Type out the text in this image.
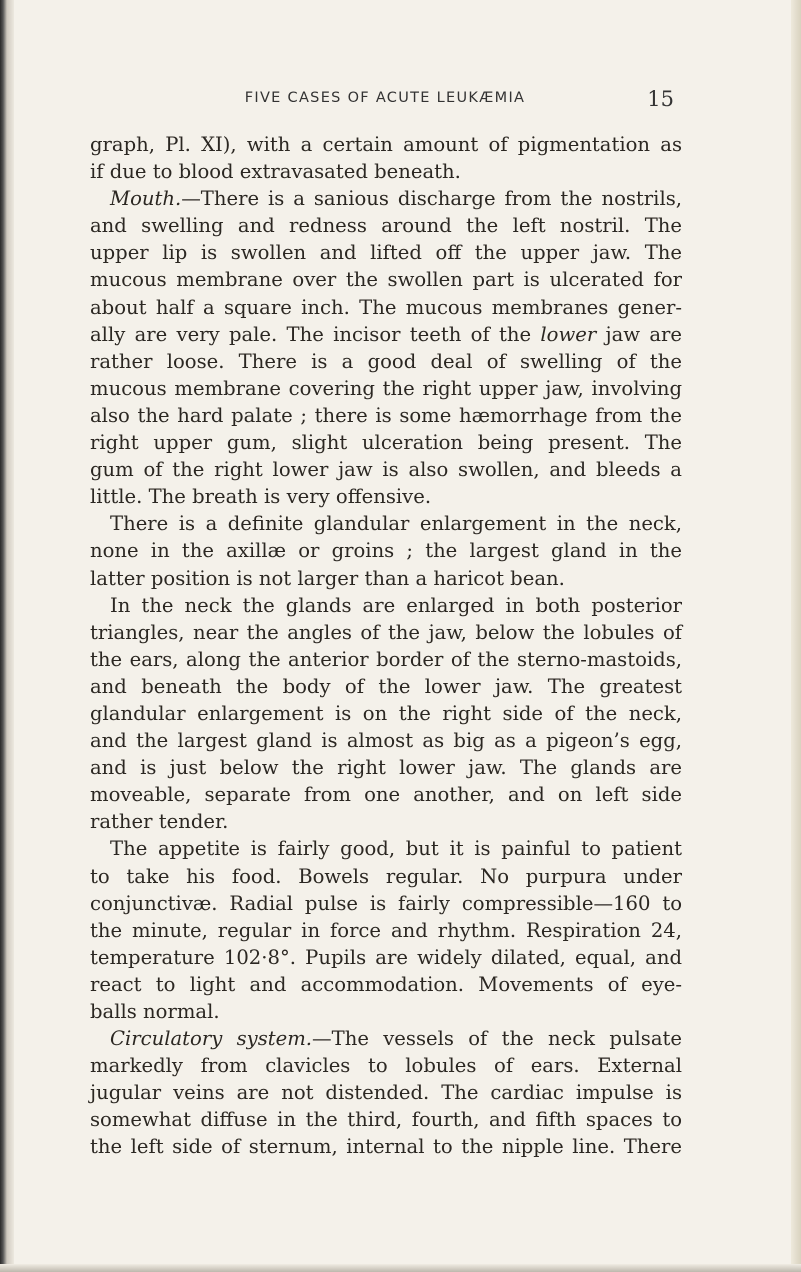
FIVE CASES OF ACUTE LEUKÆMIA	15
graph, Pl. XI), with a certain amount of pigmentation as
if due to blood extravasated beneath.
Mouth.—There is a sanious discharge from the nostrils,
and swelling and redness around the left nostril. The
upper lip is swollen and lifted off the upper jaw. The
mucous membrane over the swollen part is ulcerated for
about half a square inch. The mucous membranes gener-
ally are very pale. The incisor teeth of the lower jaw are
rather loose. There is a good deal of swelling of the
mucous membrane covering the right upper jaw, involving
also the hard palate ; there is some hæmorrhage from the
right upper gum, slight ulceration being present. The
gum of the right lower jaw is also swollen, and bleeds a
little. The breath is very offensive.
There is a definite glandular enlargement in the neck,
none in the axillæ or groins ; the largest gland in the
latter position is not larger than a haricot bean.
In the neck the glands are enlarged in both posterior
triangles, near the angles of the jaw, below the lobules of
the ears, along the anterior border of the sterno-mastoids,
and beneath the body of the lower jaw. The greatest
glandular enlargement is on the right side of the neck,
and the largest gland is almost as big as a pigeon’s egg,
and is just below the right lower jaw. The glands are
moveable, separate from one another, and on left side
rather tender.
The appetite is fairly good, but it is painful to patient
to take his food. Bowels regular. No purpura under
conjunctivæ. Radial pulse is fairly compressible—160 to
the minute, regular in force and rhythm. Respiration 24,
temperature 102·8°. Pupils are widely dilated, equal, and
react to light and accommodation. Movements of eye-
balls normal.
Circulatory system.—The vessels of the neck pulsate
markedly from clavicles to lobules of ears. External
jugular veins are not distended. The cardiac impulse is
somewhat diffuse in the third, fourth, and fifth spaces to
the left side of sternum, internal to the nipple line. There
